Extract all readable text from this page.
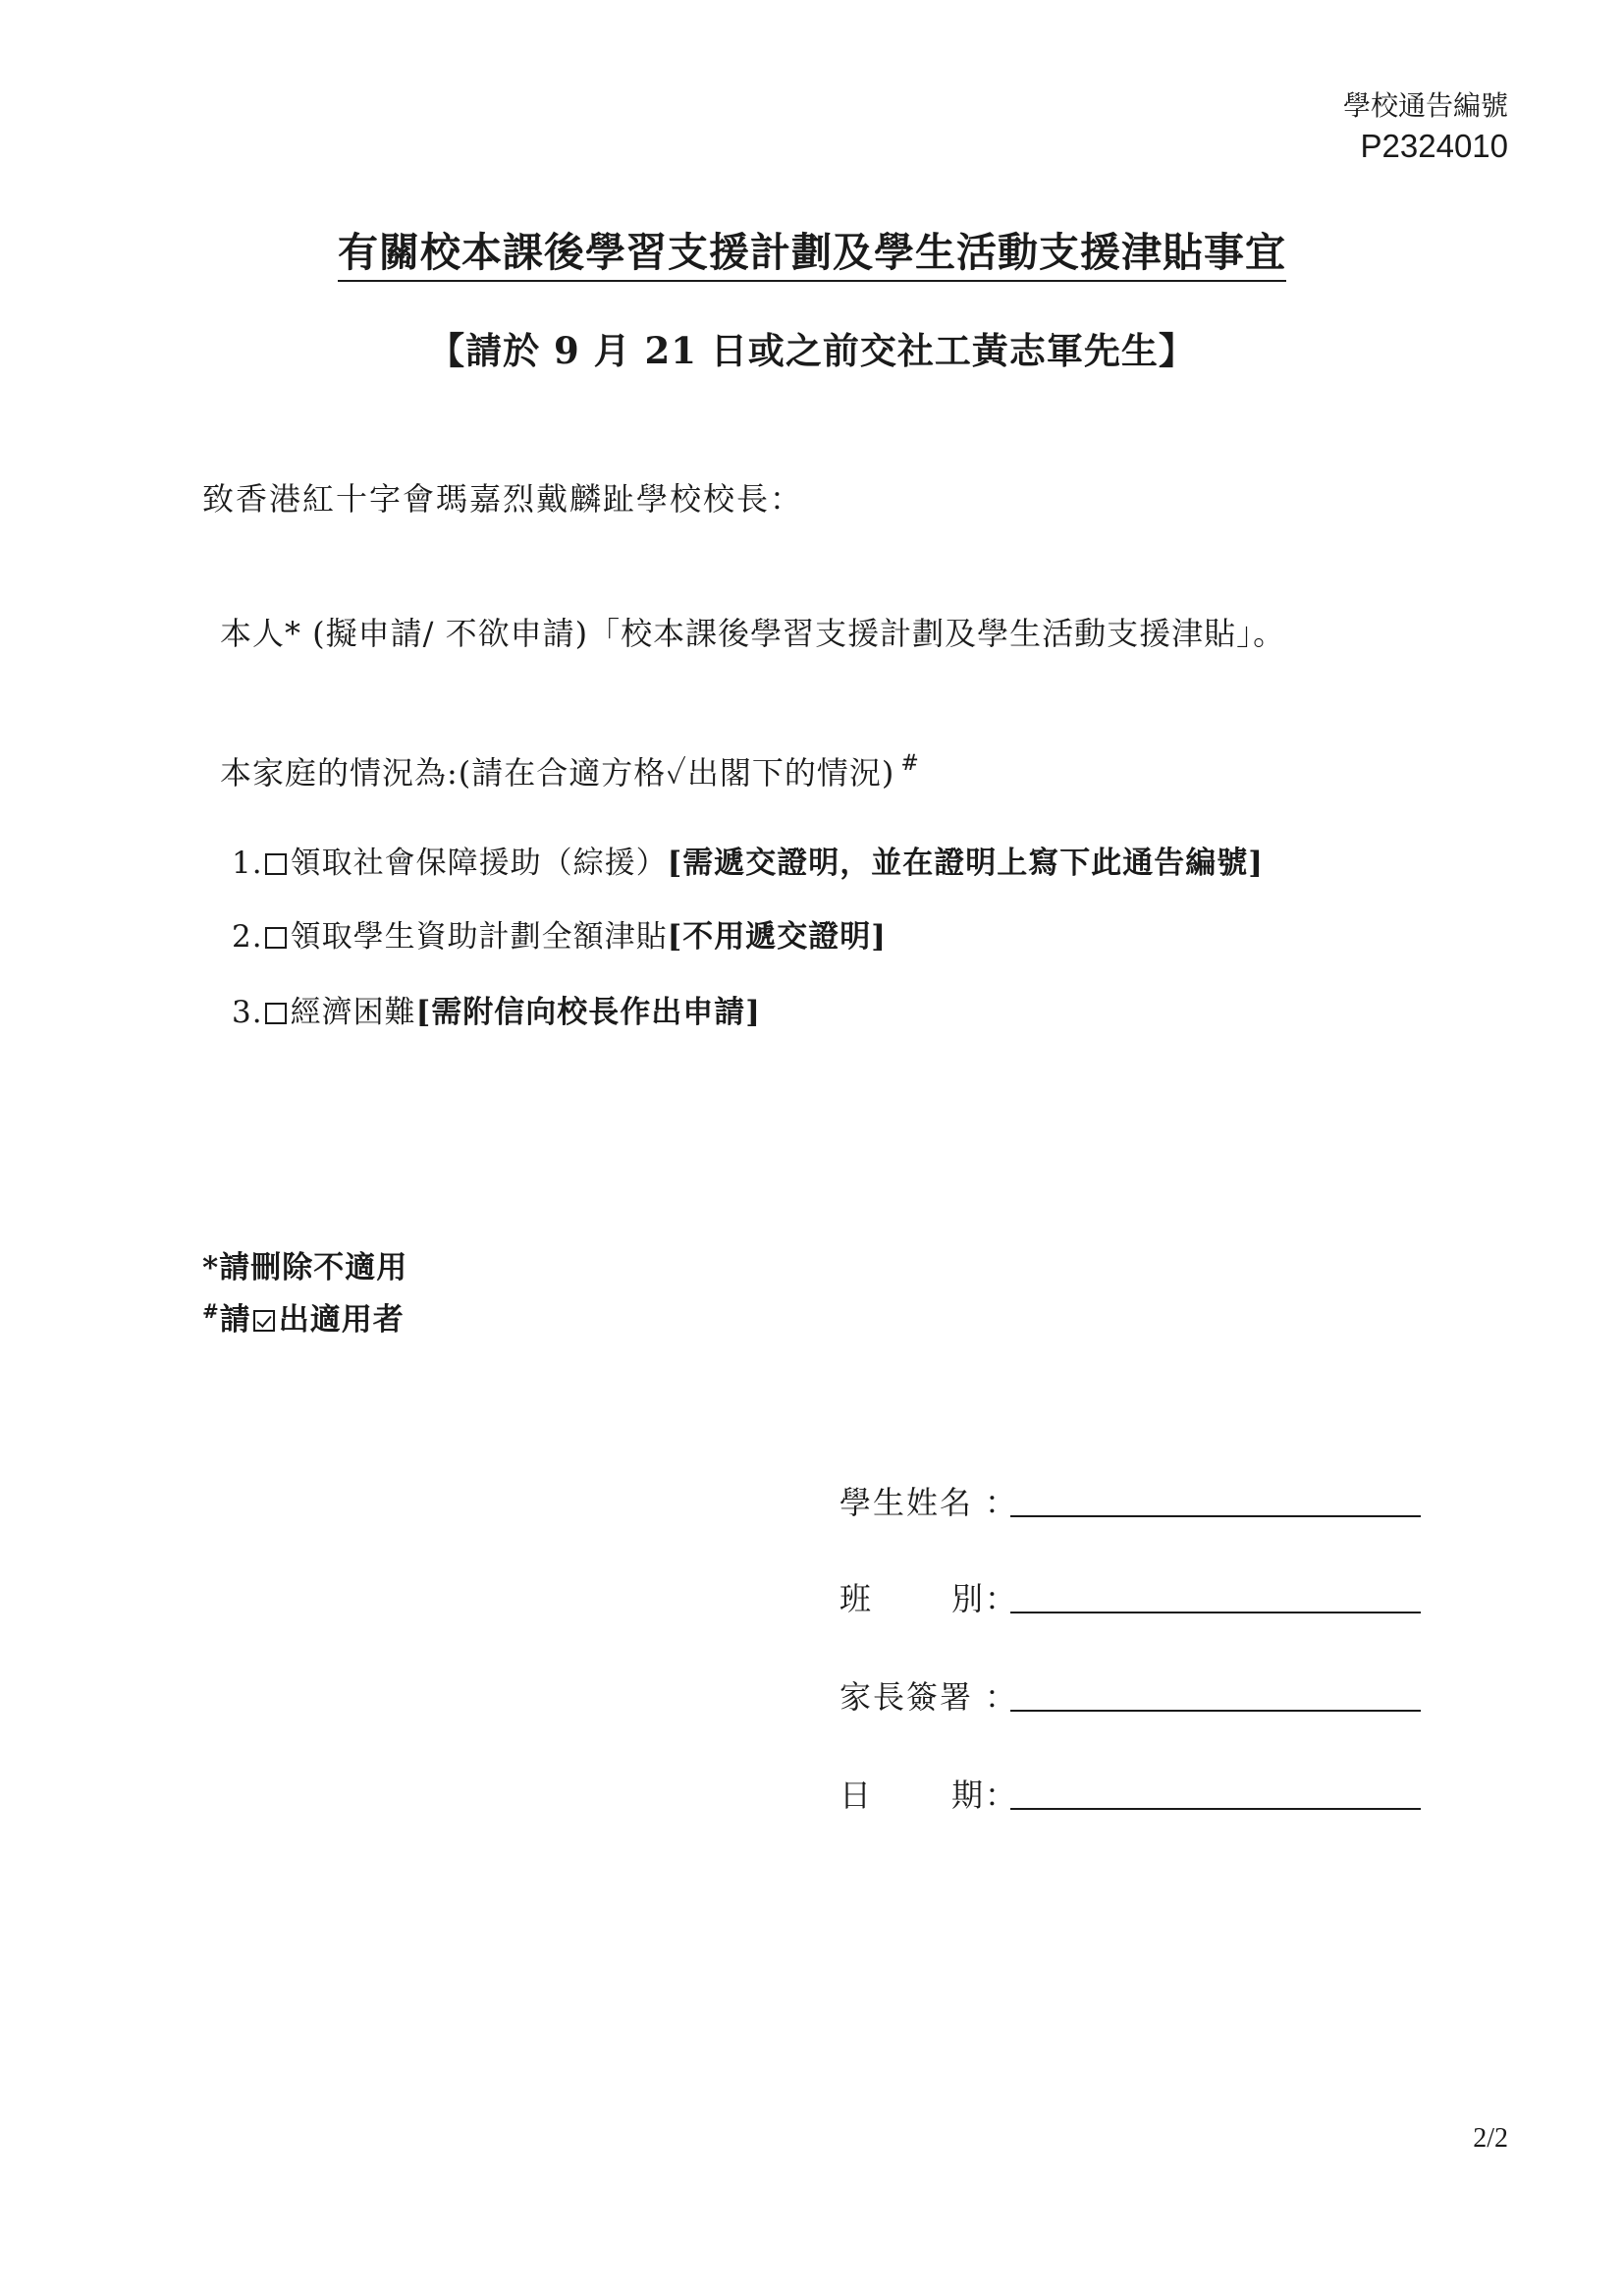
學校通告編號
P2324010
有關校本課後學習支援計劃及學生活動支援津貼事宜
【請於 9 月 21 日或之前交社工黃志軍先生】
致香港紅十字會瑪嘉烈戴麟趾學校校長：
本人* (擬申請/ 不欲申請)「校本課後學習支援計劃及學生活動支援津貼」。
本家庭的情況為:(請在合適方格✓出閣下的情況) #
1. 領取社會保障援助（綜援）[需遞交證明，並在證明上寫下此通告編號]
2. 領取學生資助計劃全額津貼[不用遞交證明]
3. 經濟困難[需附信向校長作出申請]
*請刪除不適用
#請 出適用者
學生姓名 ：
班 別 ：
家長簽署 ：
日 期 ：
2/2
